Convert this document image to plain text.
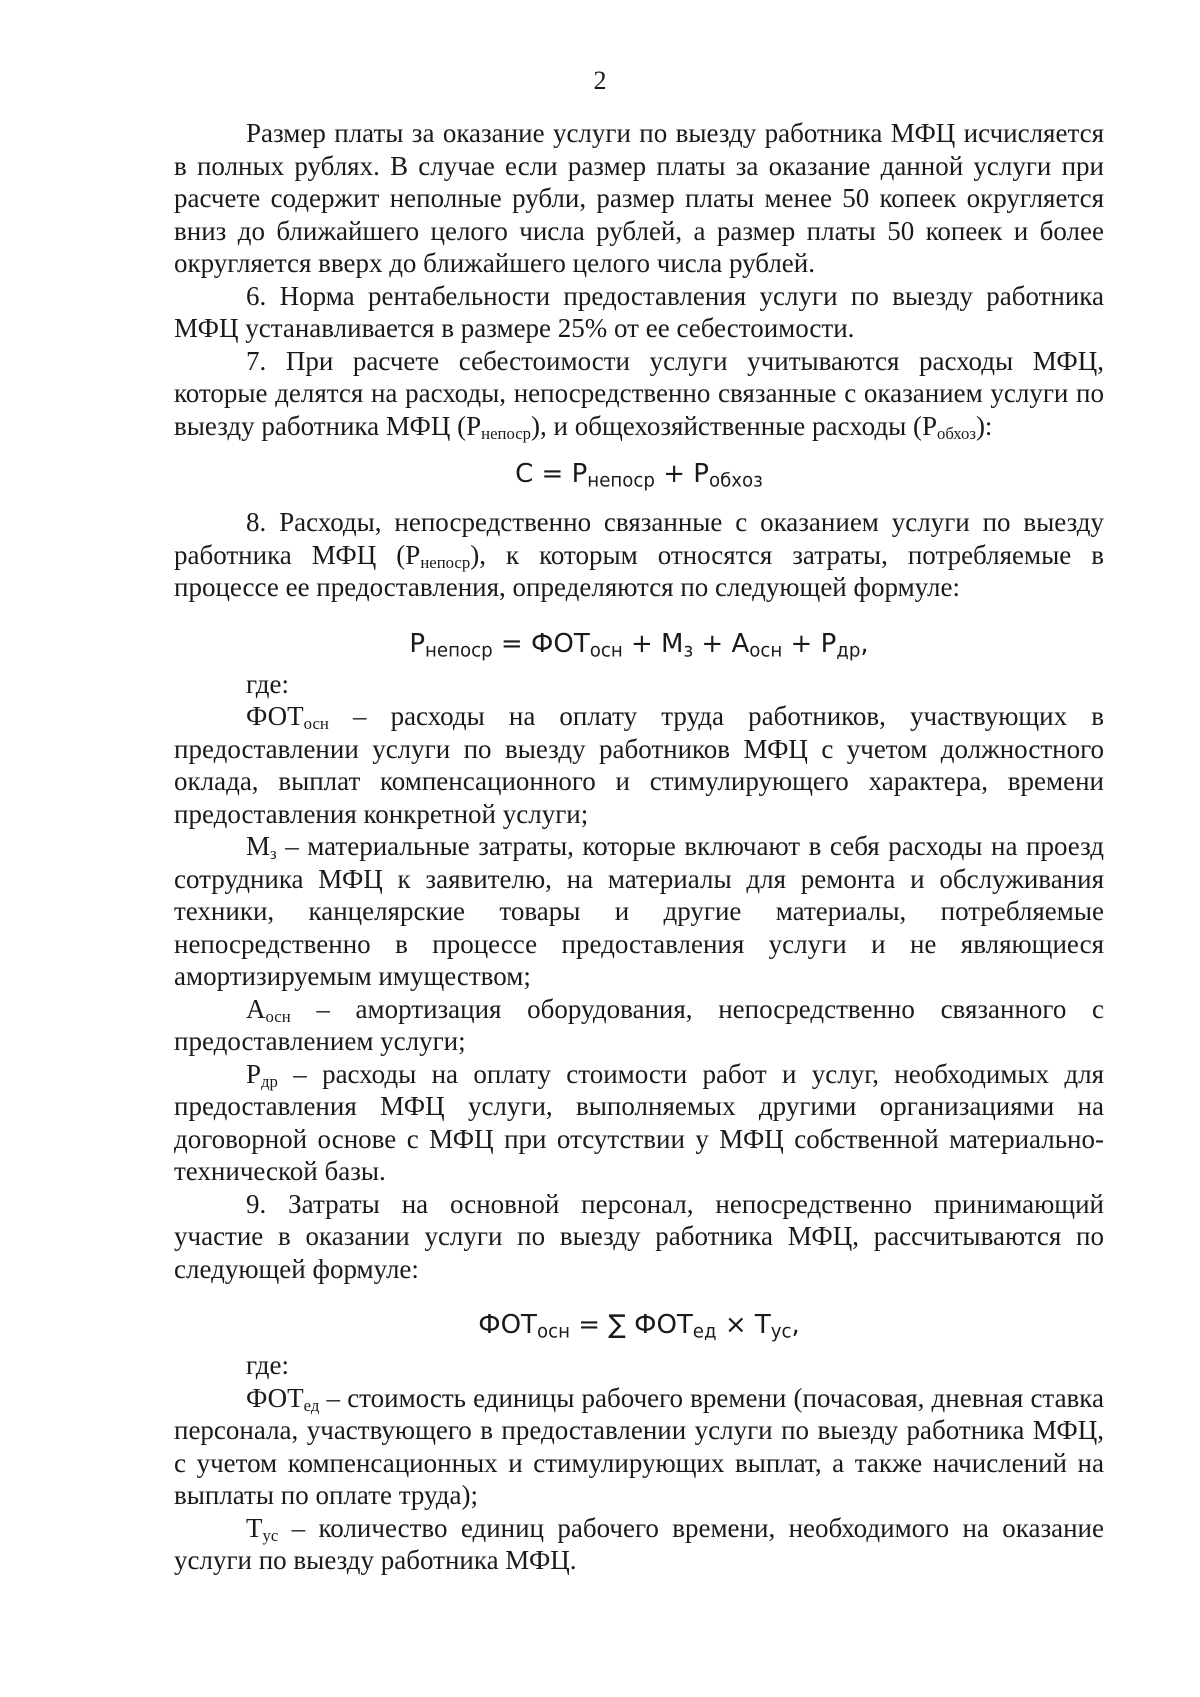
2

Размер платы за оказание услуги по выезду работника МФЦ исчисляется в полных рублях. В случае если размер платы за оказание данной услуги при расчете содержит неполные рубли, размер платы менее 50 копеек округляется вниз до ближайшего целого числа рублей, а размер платы 50 копеек и более округляется вверх до ближайшего целого числа рублей.

6. Норма рентабельности предоставления услуги по выезду работника МФЦ устанавливается в размере 25% от ее себестоимости.

7. При расчете себестоимости услуги учитываются расходы МФЦ, которые делятся на расходы, непосредственно связанные с оказанием услуги по выезду работника МФЦ $(Р_{непоср})$, и общехозяйственные расходы $(Р_{обхоз})$:

$С = Р_{непоср} + Р_{обхоз}$

8. Расходы, непосредственно связанные с оказанием услуги по выезду работника МФЦ $(Р_{непоср})$, к которым относятся затраты, потребляемые в процессе ее предоставления, определяются по следующей формуле:

$Р_{непоср} = ФОТ_{осн} + М_з + А_{осн} + Р_{др}$,

где:

$ФОТ_{осн}$ – расходы на оплату труда работников, участвующих в предоставлении услуги по выезду работников МФЦ с учетом должностного оклада, выплат компенсационного и стимулирующего характера, времени предоставления конкретной услуги;

$М_з$ – материальные затраты, которые включают в себя расходы на проезд сотрудника МФЦ к заявителю, на материалы для ремонта и обслуживания техники, канцелярские товары и другие материалы, потребляемые непосредственно в процессе предоставления услуги и не являющиеся амортизируемым имуществом;

$А_{осн}$ – амортизация оборудования, непосредственно связанного с предоставлением услуги;

$Р_{др}$ – расходы на оплату стоимости работ и услуг, необходимых для предоставления МФЦ услуги, выполняемых другими организациями на договорной основе с МФЦ при отсутствии у МФЦ собственной материально-технической базы.

9. Затраты на основной персонал, непосредственно принимающий участие в оказании услуги по выезду работника МФЦ, рассчитываются по следующей формуле:

$ФОТ_{осн}$ = ∑ $ФОТ_{ед} \times Т_{ус}$,

где:

$ФОТ_{ед}$ – стоимость единицы рабочего времени (почасовая, дневная ставка персонала, участвующего в предоставлении услуги по выезду работника МФЦ, с учетом компенсационных и стимулирующих выплат, а также начислений на выплаты по оплате труда);

$Т_{ус}$ – количество единиц рабочего времени, необходимого на оказание услуги по выезду работника МФЦ.
